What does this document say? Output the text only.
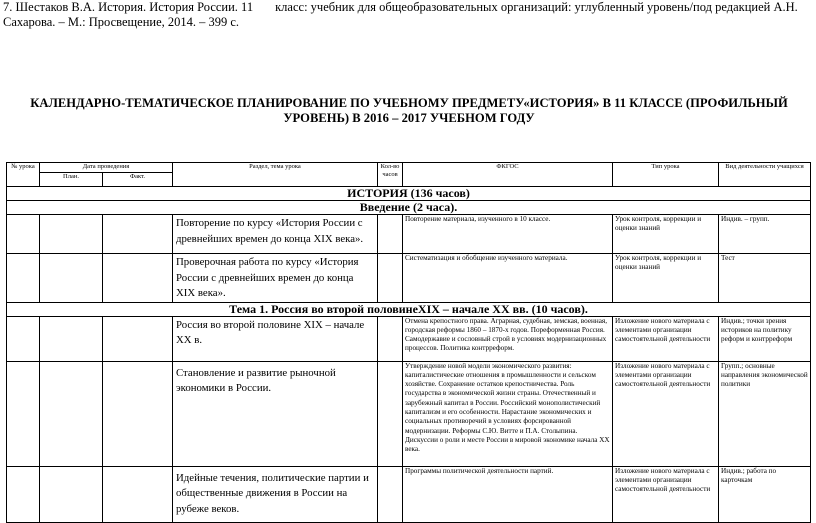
7. Шестаков В.А. История. История России. 11 класс: учебник для общеобразовательных организаций: углубленный уровень/под редакцией А.Н.
Сахарова. – М.: Просвещение, 2014. – 399 с.
КАЛЕНДАРНО-ТЕМАТИЧЕСКОЕ ПЛАНИРОВАНИЕ ПО УЧЕБНОМУ ПРЕДМЕТУ«ИСТОРИЯ» В 11 КЛАССЕ (ПРОФИЛЬНЫЙ УРОВЕНЬ) В 2016 – 2017 УЧЕБНОМ ГОДУ
№ урока	Дата проведения		Раздел, тема урока	Кол-во часов	ФКГОС	Тип урока	Вид деятельности учащихся
	План.	Факт.					
ИСТОРИЯ (136 часов)							
Введение (2 часа).							
			Повторение по курсу «История России с древнейших времен до конца XIX века».		Повторение материала, изученного в 10 классе.	Урок контроля, коррекции и оценки знаний	Индив. – групп.
			Проверочная работа по курсу «История России с древнейших времен до конца XIX века».		Систематизация и обобщение изученного материала.	Урок контроля, коррекции и оценки знаний	Тест
Тема 1. Россия во второй половинеXIX – начале XX вв. (10 часов).							
			Россия во второй половине XIX – начале XX в.		Отмена крепостного права. Аграрная, судебная, земская, военная, городская реформы 1860 – 1870-х годов. Пореформенная Россия. Самодержавие и сословный строй в условиях модернизационных процессов. Политика контрреформ.	Изложение нового материала с элементами организации самостоятельной деятельности	Индив.; точки зрения историков на политику реформ и контрреформ
			Становление и развитие рыночной экономики в России.		Утверждение новой модели экономического развития: капиталистические отношения в промышленности и сельском хозяйстве. Сохранение остатков крепостничества. Роль государства в экономической жизни страны. Отечественный и зарубежный капитал в России. Российский монополистический капитализм и его особенности. Нарастание экономических и социальных противоречий в условиях форсированной модернизации. Реформы С.Ю. Витте и П.А. Столыпина. Дискуссии о роли и месте России в мировой экономике начала XX века.	Изложение нового материала с элементами организации самостоятельной деятельности	Групп.; основные направления экономической политики
			Идейные течения, политические партии и общественные движения в России на рубеже веков.		Программы политической деятельности партий.	Изложение нового материала с элементами организации самостоятельной деятельности	Индив.; работа по карточкам
